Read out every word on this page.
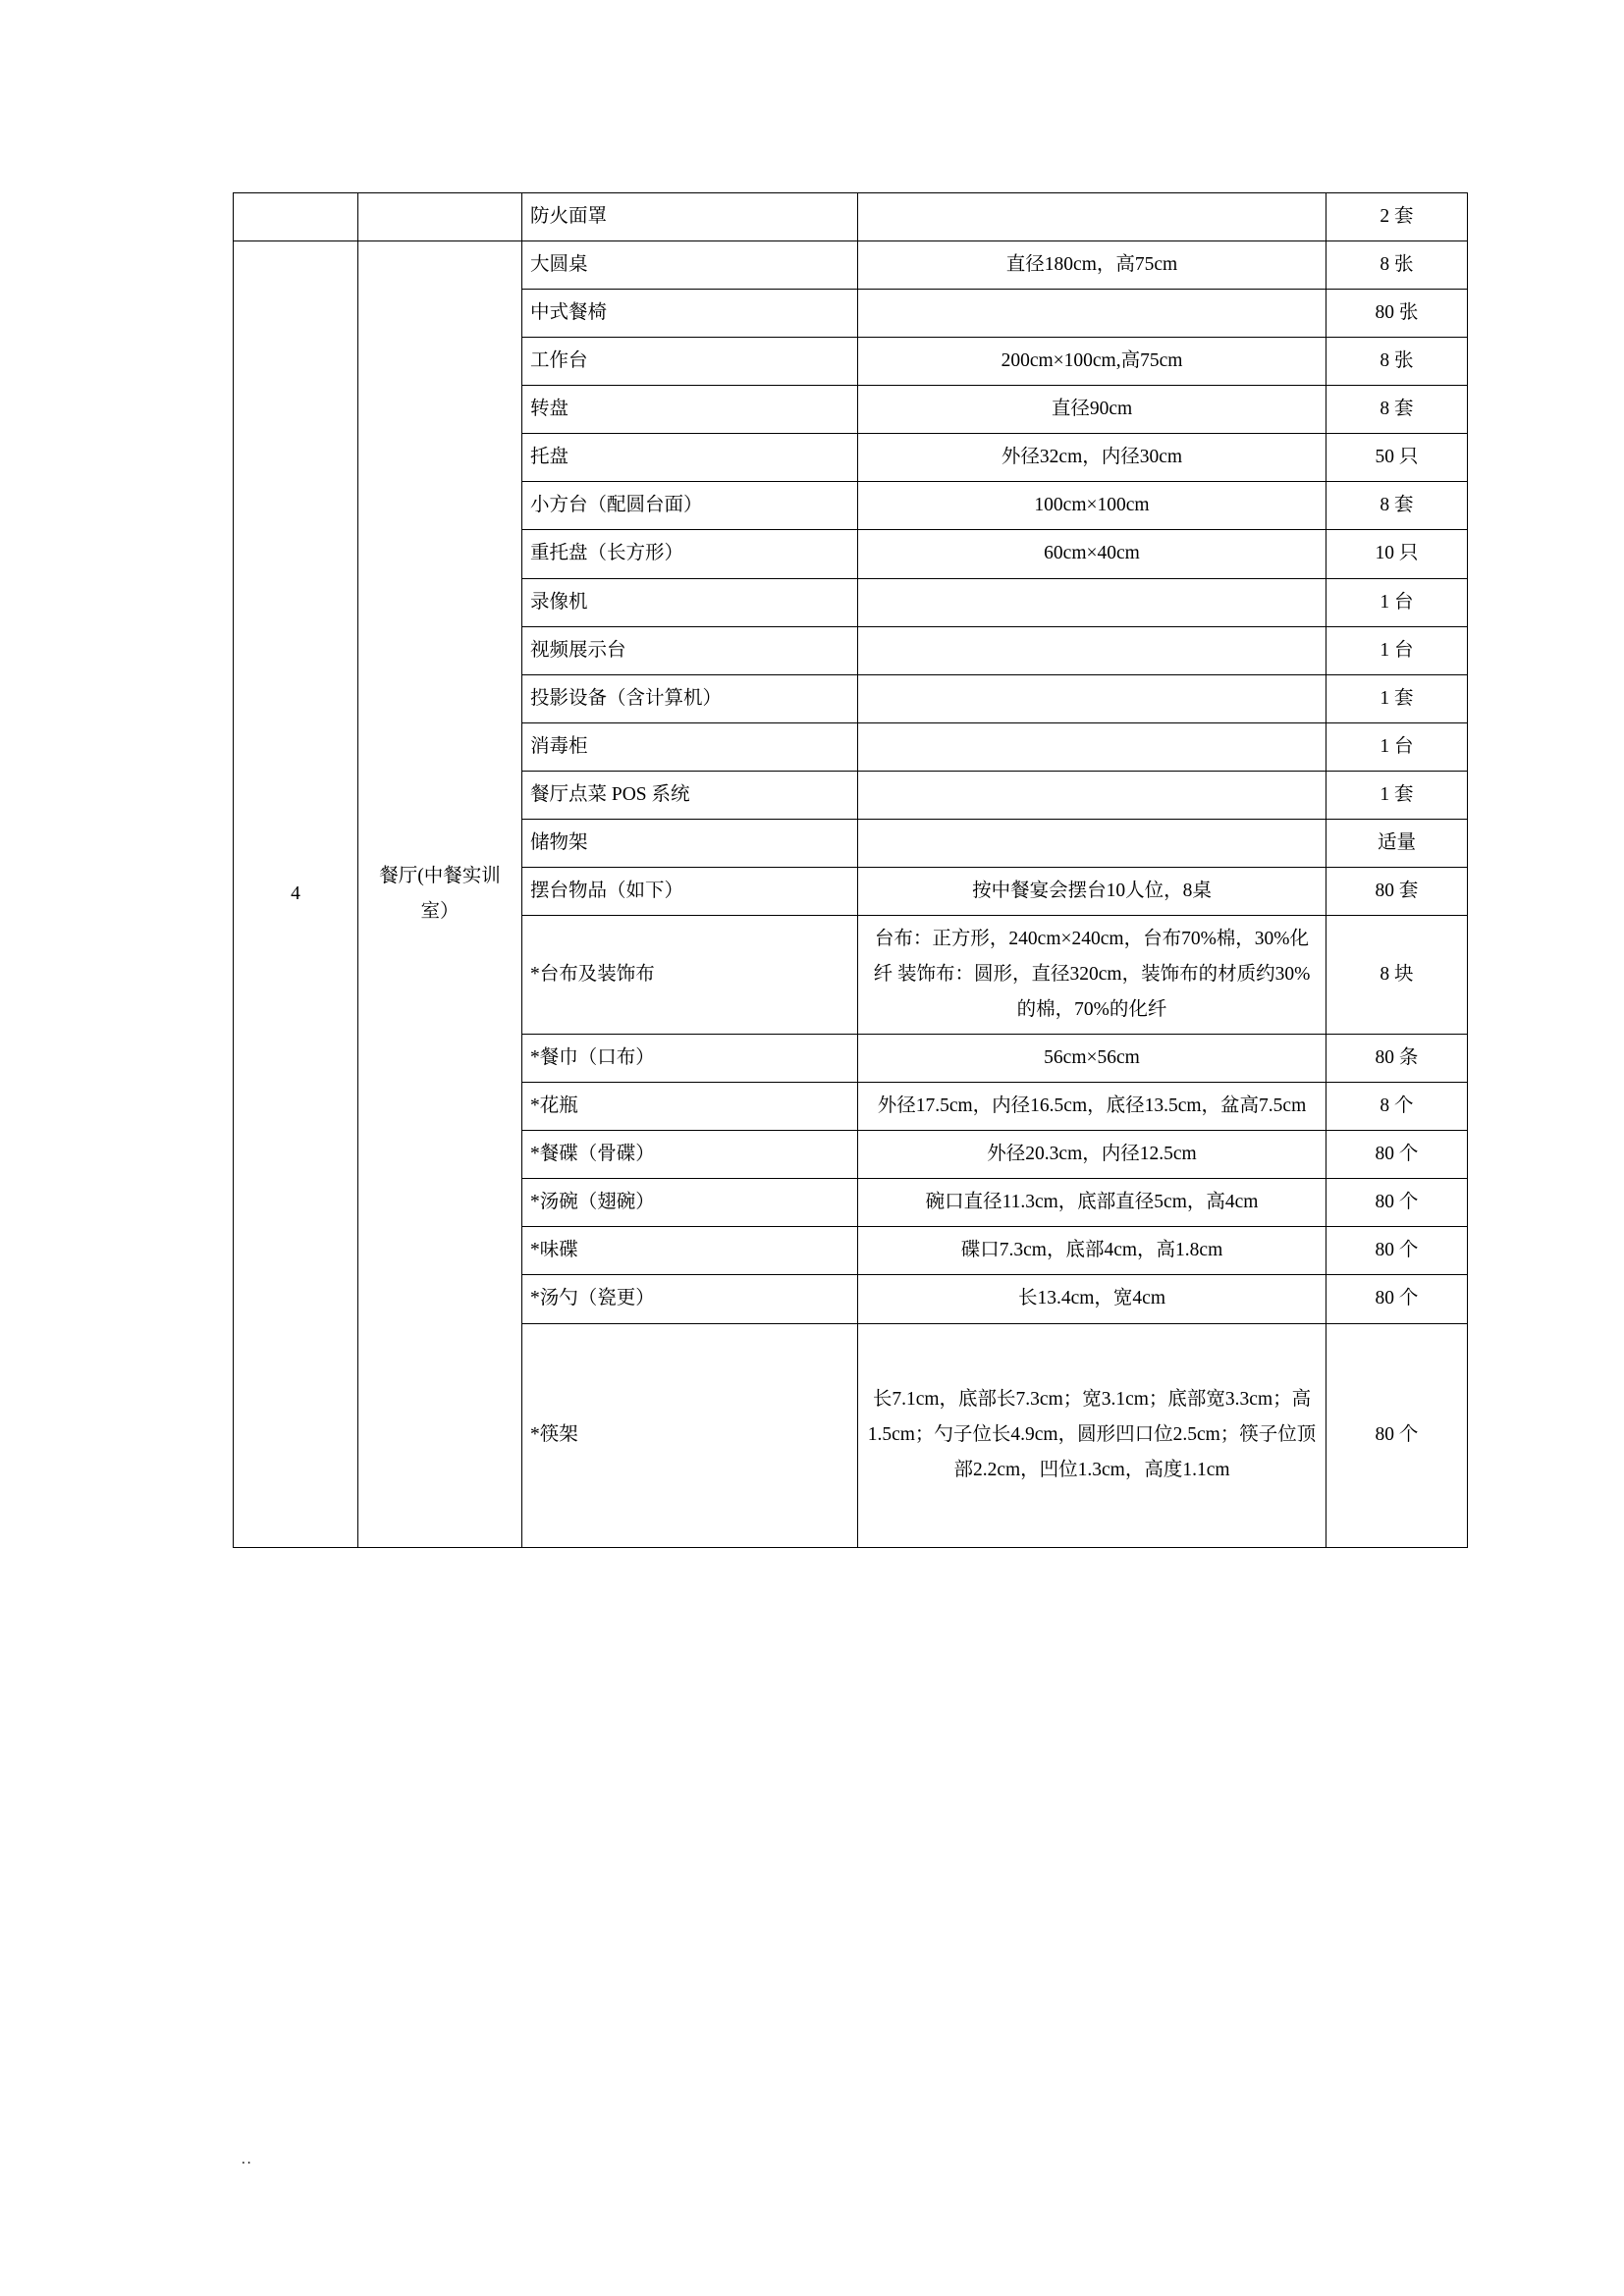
		防火面罩		2 套
4	餐厅(中餐实训室）	大圆桌	直径180cm，高75cm	8 张
		中式餐椅		80 张
		工作台	200cm×100cm,高75cm	8 张
		转盘	直径90cm	8 套
		托盘	外径32cm，内径30cm	50 只
		小方台（配圆台面）	100cm×100cm	8 套
		重托盘（长方形）	60cm×40cm	10 只
		录像机		1 台
		视频展示台		1 台
		投影设备（含计算机）		1 套
		消毒柜		1 台
		餐厅点菜 POS 系统		1 套
		储物架		适量
		摆台物品（如下）	按中餐宴会摆台10人位，8桌	80 套
		*台布及装饰布	台布：正方形，240cm×240cm，台布70%棉，30%化纤 装饰布：圆形，直径320cm，装饰布的材质约30%的棉，70%的化纤	8 块
		*餐巾（口布）	56cm×56cm	80 条
		*花瓶	外径17.5cm，内径16.5cm，底径13.5cm，盆高7.5cm	8 个
		*餐碟（骨碟）	外径20.3cm，内径12.5cm	80 个
		*汤碗（翅碗）	碗口直径11.3cm，底部直径5cm，高4cm	80 个
		*味碟	碟口7.3cm，底部4cm，高1.8cm	80 个
		*汤勺（瓷更）	长13.4cm，宽4cm	80 个
		*筷架	长7.1cm，底部长7.3cm；宽3.1cm；底部宽3.3cm；高1.5cm；勺子位长4.9cm，圆形凹口位2.5cm；筷子位顶部2.2cm，凹位1.3cm，高度1.1cm	80 个
..
